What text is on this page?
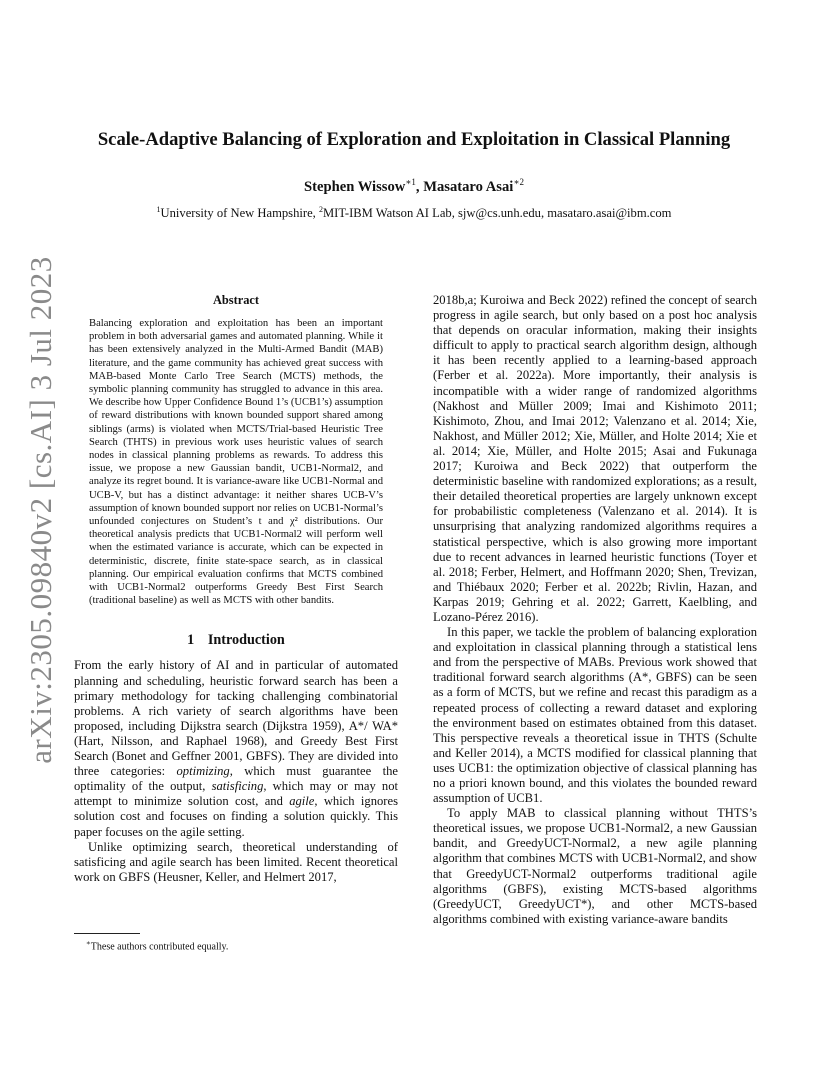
arXiv:2305.09840v2 [cs.AI] 3 Jul 2023
Scale-Adaptive Balancing of Exploration and Exploitation in Classical Planning
Stephen Wissow$^{∗1}$, Masataro Asai$^{∗2}$
$^1$University of New Hampshire, $^2$MIT-IBM Watson AI Lab, sjw@cs.unh.edu, masataro.asai@ibm.com
Abstract

Balancing exploration and exploitation has been an important problem in both adversarial games and automated planning. While it has been extensively analyzed in the Multi-Armed Bandit (MAB) literature, and the game community has achieved great success with MAB-based Monte Carlo Tree Search (MCTS) methods, the symbolic planning community has struggled to advance in this area. We describe how Upper Confidence Bound 1’s (UCB1’s) assumption of reward distributions with known bounded support shared among siblings (arms) is violated when MCTS/Trial-based Heuristic Tree Search (THTS) in previous work uses heuristic values of search nodes in classical planning problems as rewards. To address this issue, we propose a new Gaussian bandit, UCB1-Normal2, and analyze its regret bound. It is variance-aware like UCB1-Normal and UCB-V, but has a distinct advantage: it neither shares UCB-V’s assumption of known bounded support nor relies on UCB1-Normal’s unfounded conjectures on Student’s t and χ² distributions. Our theoretical analysis predicts that UCB1-Normal2 will perform well when the estimated variance is accurate, which can be expected in deterministic, discrete, finite state-space search, as in classical planning. Our empirical evaluation confirms that MCTS combined with UCB1-Normal2 outperforms Greedy Best First Search (traditional baseline) as well as MCTS with other bandits.

1 Introduction

From the early history of AI and in particular of automated planning and scheduling, heuristic forward search has been a primary methodology for tacking challenging combinatorial problems. A rich variety of search algorithms have been proposed, including Dijkstra search (Dijkstra 1959), A*/ WA* (Hart, Nilsson, and Raphael 1968), and Greedy Best First Search (Bonet and Geffner 2001, GBFS). They are divided into three categories: optimizing, which must guarantee the optimality of the output, satisficing, which may or may not attempt to minimize solution cost, and agile, which ignores solution cost and focuses on finding a solution quickly. This paper focuses on the agile setting.

Unlike optimizing search, theoretical understanding of satisficing and agile search has been limited. Recent theoretical work on GBFS (Heusner, Keller, and Helmert 2017,

2018b,a; Kuroiwa and Beck 2022) refined the concept of search progress in agile search, but only based on a post hoc analysis that depends on oracular information, making their insights difficult to apply to practical search algorithm design, although it has been recently applied to a learning-based approach (Ferber et al. 2022a). More importantly, their analysis is incompatible with a wider range of randomized algorithms (Nakhost and Müller 2009; Imai and Kishimoto 2011; Kishimoto, Zhou, and Imai 2012; Valenzano et al. 2014; Xie, Nakhost, and Müller 2012; Xie, Müller, and Holte 2014; Xie et al. 2014; Xie, Müller, and Holte 2015; Asai and Fukunaga 2017; Kuroiwa and Beck 2022) that outperform the deterministic baseline with randomized explorations; as a result, their detailed theoretical properties are largely unknown except for probabilistic completeness (Valenzano et al. 2014). It is unsurprising that analyzing randomized algorithms requires a statistical perspective, which is also growing more important due to recent advances in learned heuristic functions (Toyer et al. 2018; Ferber, Helmert, and Hoffmann 2020; Shen, Trevizan, and Thiébaux 2020; Ferber et al. 2022b; Rivlin, Hazan, and Karpas 2019; Gehring et al. 2022; Garrett, Kaelbling, and Lozano-Pérez 2016).

In this paper, we tackle the problem of balancing exploration and exploitation in classical planning through a statistical lens and from the perspective of MABs. Previous work showed that traditional forward search algorithms (A*, GBFS) can be seen as a form of MCTS, but we refine and recast this paradigm as a repeated process of collecting a reward dataset and exploring the environment based on estimates obtained from this dataset. This perspective reveals a theoretical issue in THTS (Schulte and Keller 2014), a MCTS modified for classical planning that uses UCB1: the optimization objective of classical planning has no a priori known bound, and this violates the bounded reward assumption of UCB1.

To apply MAB to classical planning without THTS’s theoretical issues, we propose UCB1-Normal2, a new Gaussian bandit, and GreedyUCT-Normal2, a new agile planning algorithm that combines MCTS with UCB1-Normal2, and show that GreedyUCT-Normal2 outperforms traditional agile algorithms (GBFS), existing MCTS-based algorithms (GreedyUCT, GreedyUCT*), and other MCTS-based algorithms combined with existing variance-aware bandits

∗These authors contributed equally.
